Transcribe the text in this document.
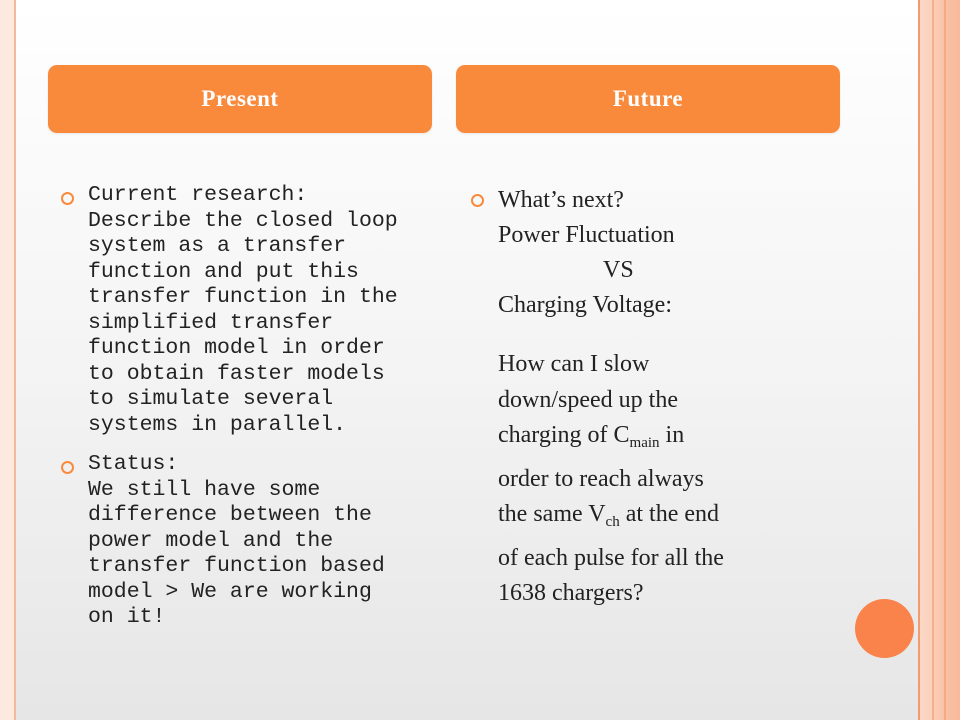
Present	Future
Current research:
Describe the closed loop
system as a transfer
function and put this
transfer function in the
simplified transfer
function model in order
to obtain faster models
to simulate several
systems in parallel.
Status:
We still have some
difference between the
power model and the
transfer function based
model > We are working
on it!
What’s next?
Power Fluctuation
VS
Charging Voltage:
How can I slow
down/speed up the
charging of $C_{main}$ in
order to reach always
the same $V_{ch}$ at the end
of each pulse for all the
1638 chargers?
